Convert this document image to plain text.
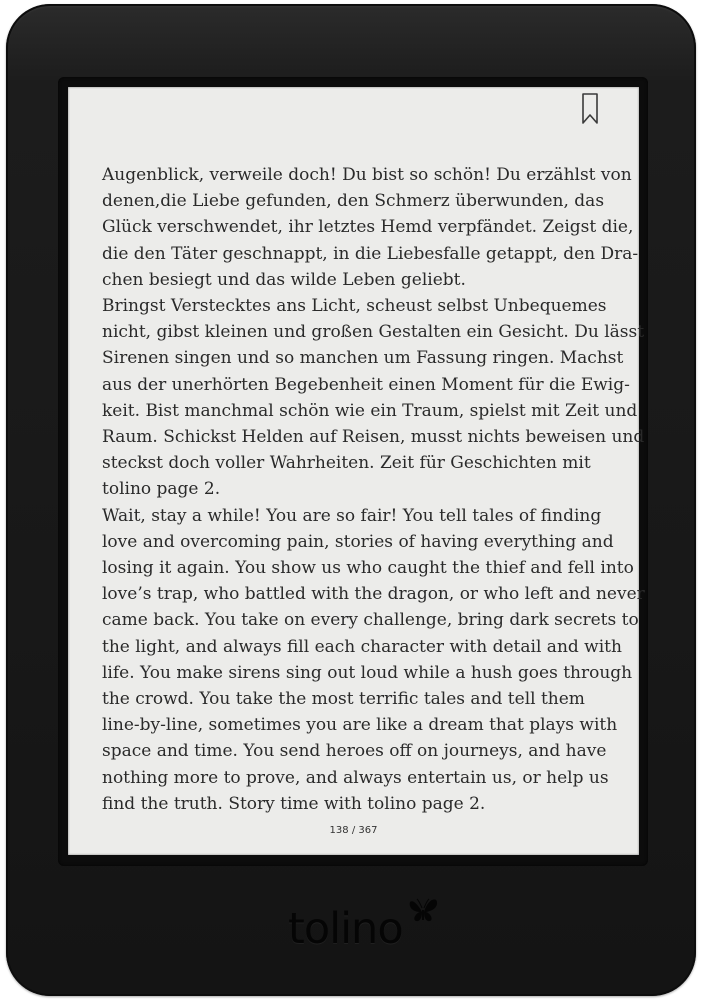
Augenblick, verweile doch! Du bist so schön! Du erzählst von
denen,die Liebe gefunden, den Schmerz überwunden, das
Glück verschwendet, ihr letztes Hemd verpfändet. Zeigst die,
die den Täter geschnappt, in die Liebesfalle getappt, den Dra-
chen besiegt und das wilde Leben geliebt.
Bringst Verstecktes ans Licht, scheust selbst Unbequemes
nicht, gibst kleinen und großen Gestalten ein Gesicht. Du lässt
Sirenen singen und so manchen um Fassung ringen. Machst
aus der unerhörten Begebenheit einen Moment für die Ewig-
keit. Bist manchmal schön wie ein Traum, spielst mit Zeit und
Raum. Schickst Helden auf Reisen, musst nichts beweisen und
steckst doch voller Wahrheiten. Zeit für Geschichten mit
tolino page 2.
Wait, stay a while! You are so fair! You tell tales of finding
love and overcoming pain, stories of having everything and
losing it again. You show us who caught the thief and fell into
love’s trap, who battled with the dragon, or who left and never
came back. You take on every challenge, bring dark secrets to
the light, and always fill each character with detail and with
life. You make sirens sing out loud while a hush goes through
the crowd. You take the most terrific tales and tell them
line-by-line, sometimes you are like a dream that plays with
space and time. You send heroes off on journeys, and have
nothing more to prove, and always entertain us, or help us
find the truth. Story time with tolino page 2.
138 / 367
tolino
